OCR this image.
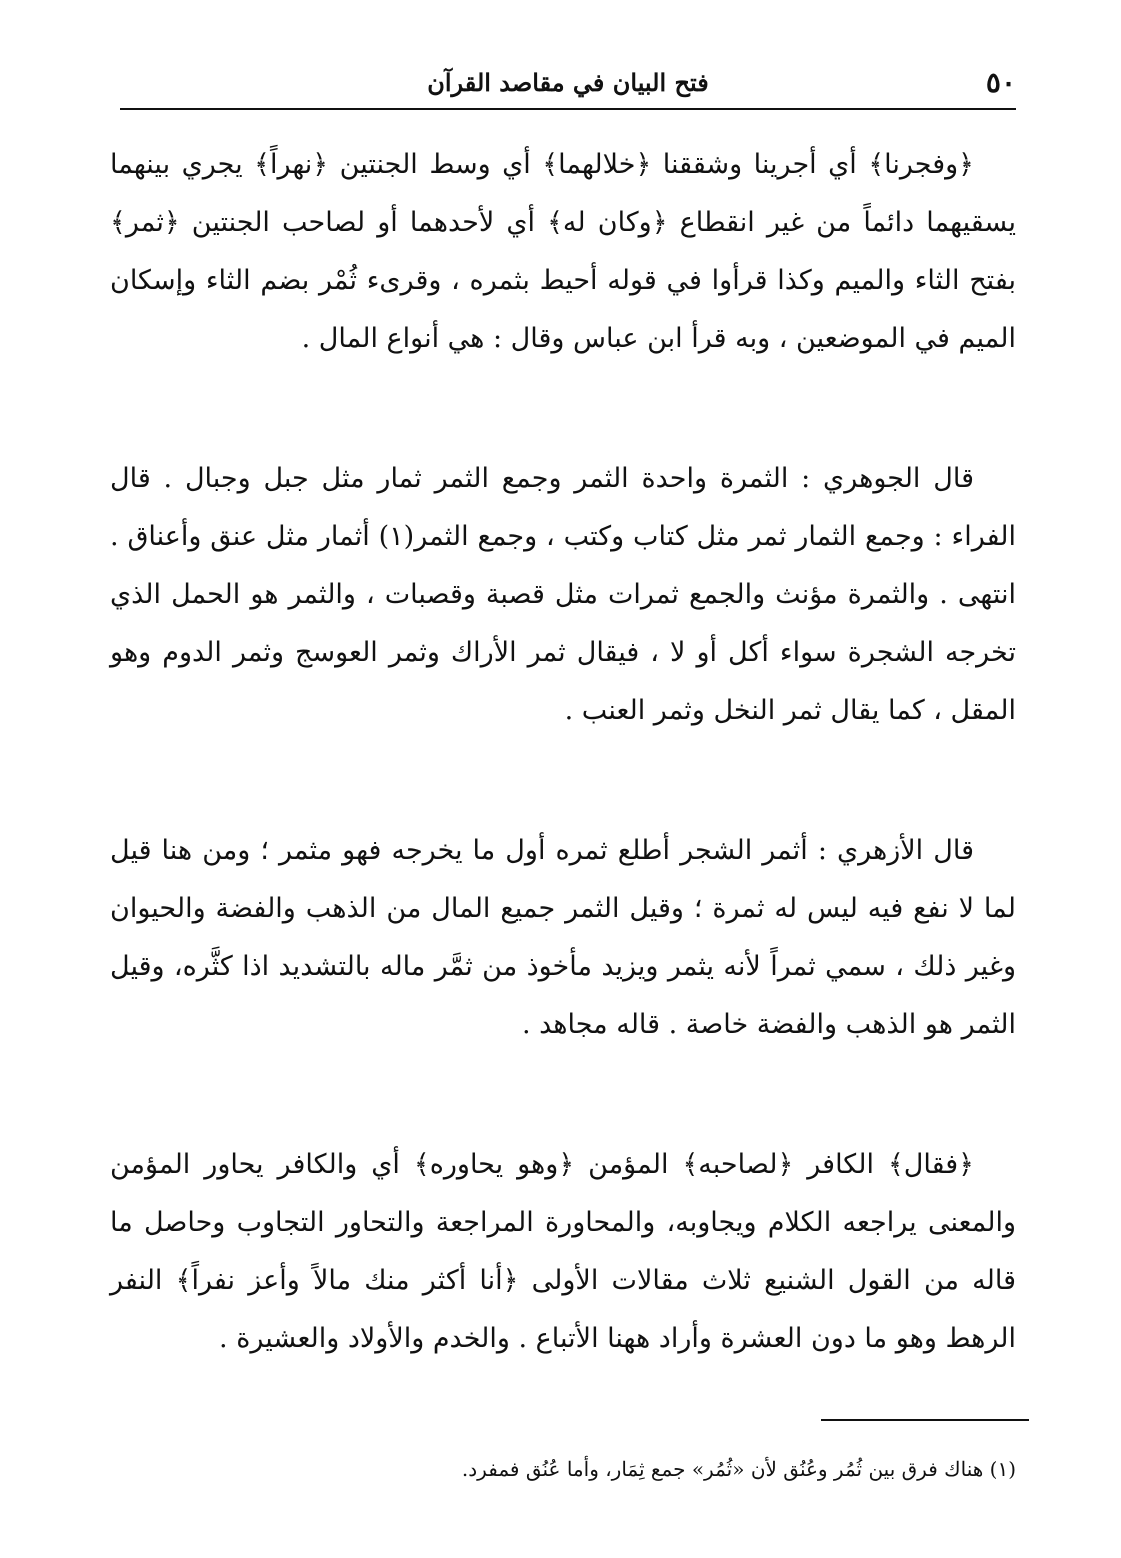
٥٠
فتح البيان في مقاصد القرآن

﴿وفجرنا﴾ أي أجرينا وشققنا ﴿خلالهما﴾ أي وسط الجنتين ﴿نهراً﴾ يجري بينهما يسقيهما دائماً من غير انقطاع ﴿وكان له﴾ أي لأحدهما أو لصاحب الجنتين ﴿ثمر﴾ بفتح الثاء والميم وكذا قرأوا في قوله أحيط بثمره ، وقرىء ثُمْر بضم الثاء وإسكان الميم في الموضعين ، وبه قرأ ابن عباس وقال : هي أنواع المال .

قال الجوهري : الثمرة واحدة الثمر وجمع الثمر ثمار مثل جبل وجبال . قال الفراء : وجمع الثمار ثمر مثل كتاب وكتب ، وجمع الثمر(١) أثمار مثل عنق وأعناق . انتهى . والثمرة مؤنث والجمع ثمرات مثل قصبة وقصبات ، والثمر هو الحمل الذي تخرجه الشجرة سواء أكل أو لا ، فيقال ثمر الأراك وثمر العوسج وثمر الدوم وهو المقل ، كما يقال ثمر النخل وثمر العنب .

قال الأزهري : أثمر الشجر أطلع ثمره أول ما يخرجه فهو مثمر ؛ ومن هنا قيل لما لا نفع فيه ليس له ثمرة ؛ وقيل الثمر جميع المال من الذهب والفضة والحيوان وغير ذلك ، سمي ثمراً لأنه يثمر ويزيد مأخوذ من ثمَّر ماله بالتشديد اذا كثَّره، وقيل الثمر هو الذهب والفضة خاصة . قاله مجاهد .

﴿فقال﴾ الكافر ﴿لصاحبه﴾ المؤمن ﴿وهو يحاوره﴾ أي والكافر يحاور المؤمن والمعنى يراجعه الكلام ويجاوبه، والمحاورة المراجعة والتحاور التجاوب وحاصل ما قاله من القول الشنيع ثلاث مقالات الأولى ﴿أنا أكثر منك مالاً وأعز نفراً﴾ النفر الرهط وهو ما دون العشرة وأراد ههنا الأتباع . والخدم والأولاد والعشيرة .

(١) هناك فرق بين ثُمُر وعُنُق لأن «ثُمُر» جمع ثِمَار، وأما عُنُق فمفرد.
